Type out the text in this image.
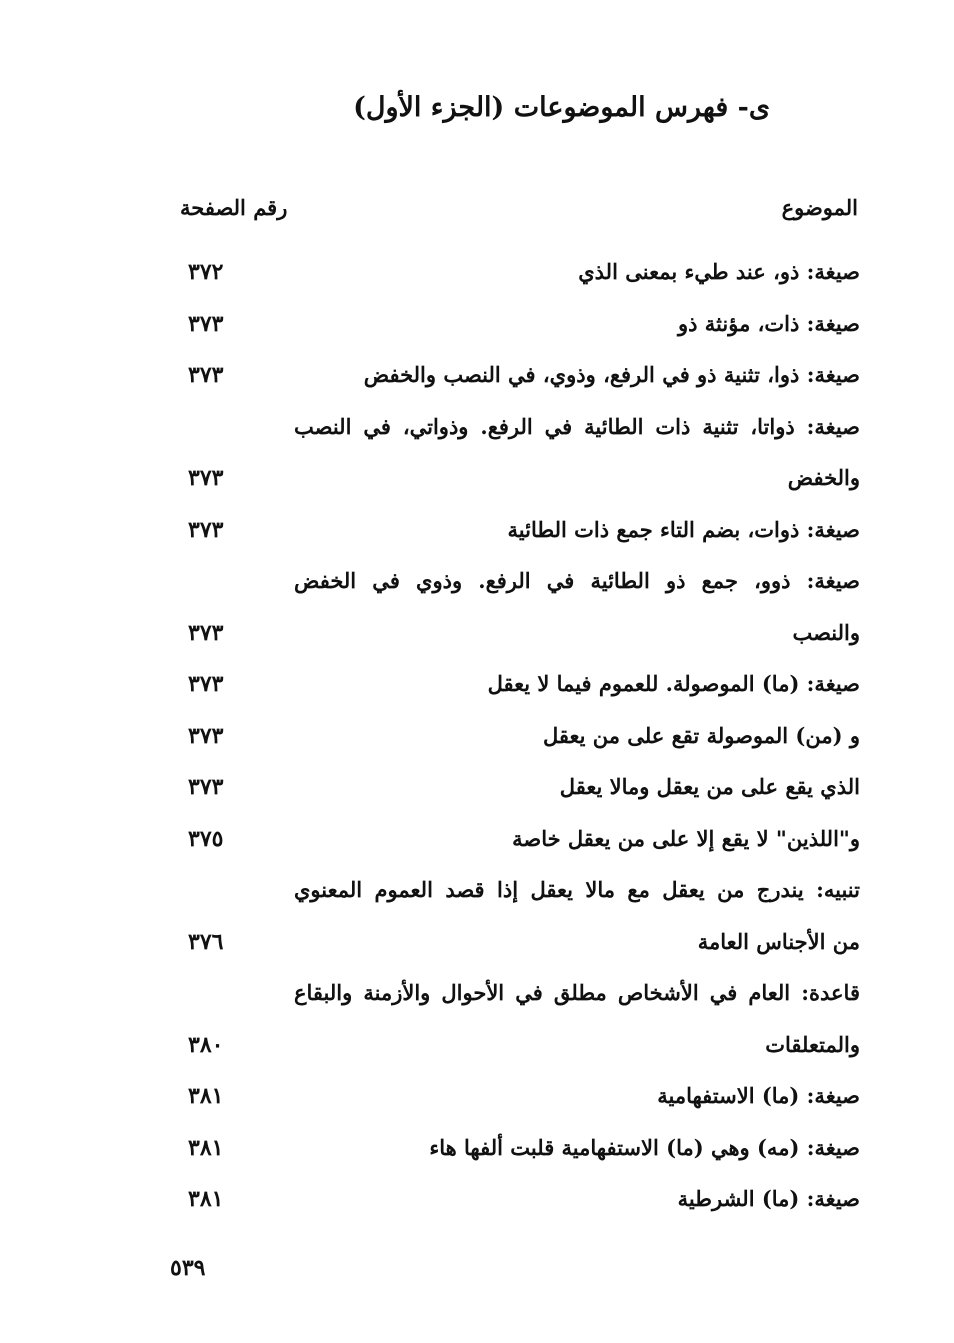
ى- فهرس الموضوعات (الجزء الأول)
الموضوع
رقم الصفحة
صيغة: ذو، عند طيء بمعنى الذي
٣٧٢
صيغة: ذات، مؤنثة ذو
٣٧٣
صيغة: ذوا، تثنية ذو في الرفع، وذوي، في النصب والخفض
٣٧٣
صيغة: ذواتا، تثنية ذات الطائية في الرفع. وذواتي، في النصب
والخفض
٣٧٣
صيغة: ذوات، بضم التاء جمع ذات الطائية
٣٧٣
صيغة: ذوو، جمع ذو الطائية في الرفع. وذوي في الخفض
والنصب
٣٧٣
صيغة: (ما) الموصولة. للعموم فيما لا يعقل
٣٧٣
و (من) الموصولة تقع على من يعقل
٣٧٣
الذي يقع على من يعقل ومالا يعقل
٣٧٣
و"اللذين" لا يقع إلا على من يعقل خاصة
٣٧٥
تنبيه: يندرج من يعقل مع مالا يعقل إذا قصد العموم المعنوي
من الأجناس العامة
٣٧٦
قاعدة: العام في الأشخاص مطلق في الأحوال والأزمنة والبقاع
والمتعلقات
٣٨٠
صيغة: (ما) الاستفهامية
٣٨١
صيغة: (مه) وهي (ما) الاستفهامية قلبت ألفها هاء
٣٨١
صيغة: (ما) الشرطية
٣٨١
٥٣٩
